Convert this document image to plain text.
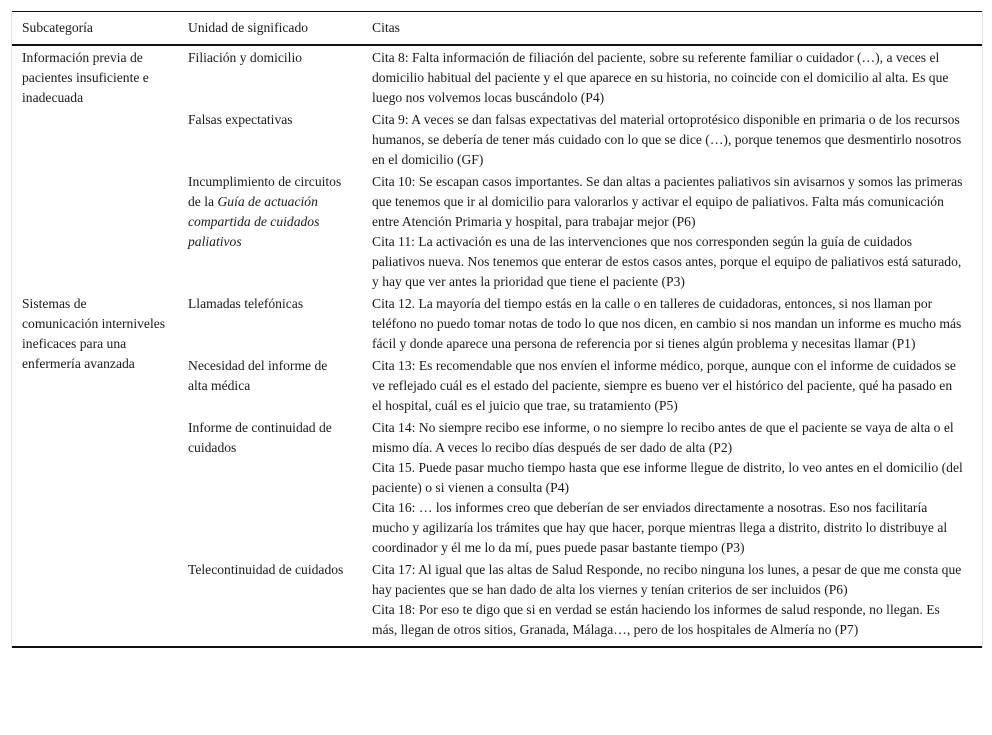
Subcategoría	Unidad de significado	Citas
Información previa de pacientes insuficiente e inadecuada	Filiación y domicilio	Cita 8: Falta información de filiación del paciente, sobre su referente familiar o cuidador (…), a veces el domicilio habitual del paciente y el que aparece en su historia, no coincide con el domicilio al alta. Es que luego nos volvemos locas buscándolo (P4)

	Falsas expectativas	Cita 9: A veces se dan falsas expectativas del material ortoprotésico disponible en primaria o de los recursos humanos, se debería de tener más cuidado con lo que se dice (…), porque tenemos que desmentirlo nosotros en el domicilio (GF)

	Incumplimiento de circuitos de la Guía de actuación compartida de cuidados paliativos	Cita 10: Se escapan casos importantes. Se dan altas a pacientes paliativos sin avisarnos y somos las primeras que tenemos que ir al domicilio para valorarlos y activar el equipo de paliativos. Falta más comunicación entre Atención Primaria y hospital, para trabajar mejor (P6)
Cita 11: La activación es una de las intervenciones que nos corresponden según la guía de cuidados paliativos nueva. Nos tenemos que enterar de estos casos antes, porque el equipo de paliativos está saturado, y hay que ver antes la prioridad que tiene el paciente (P3)

Sistemas de comunicación interniveles ineficaces para una enfermería avanzada	Llamadas telefónicas	Cita 12. La mayoría del tiempo estás en la calle o en talleres de cuidadoras, entonces, si nos llaman por teléfono no puedo tomar notas de todo lo que nos dicen, en cambio si nos mandan un informe es mucho más fácil y donde aparece una persona de referencia por si tienes algún problema y necesitas llamar (P1)

	Necesidad del informe de alta médica	Cita 13: Es recomendable que nos envíen el informe médico, porque, aunque con el informe de cuidados se ve reflejado cuál es el estado del paciente, siempre es bueno ver el histórico del paciente, qué ha pasado en el hospital, cuál es el juicio que trae, su tratamiento (P5)

	Informe de continuidad de cuidados	Cita 14: No siempre recibo ese informe, o no siempre lo recibo antes de que el paciente se vaya de alta o el mismo día. A veces lo recibo días después de ser dado de alta (P2)
Cita 15. Puede pasar mucho tiempo hasta que ese informe llegue de distrito, lo veo antes en el domicilio (del paciente) o si vienen a consulta (P4)
Cita 16: … los informes creo que deberían de ser enviados directamente a nosotras. Eso nos facilitaría mucho y agilizaría los trámites que hay que hacer, porque mientras llega a distrito, distrito lo distribuye al coordinador y él me lo da mí, pues puede pasar bastante tiempo (P3)

	Telecontinuidad de cuidados	Cita 17: Al igual que las altas de Salud Responde, no recibo ninguna los lunes, a pesar de que me consta que hay pacientes que se han dado de alta los viernes y tenían criterios de ser incluidos (P6)
Cita 18: Por eso te digo que si en verdad se están haciendo los informes de salud responde, no llegan. Es más, llegan de otros sitios, Granada, Málaga…, pero de los hospitales de Almería no (P7)
